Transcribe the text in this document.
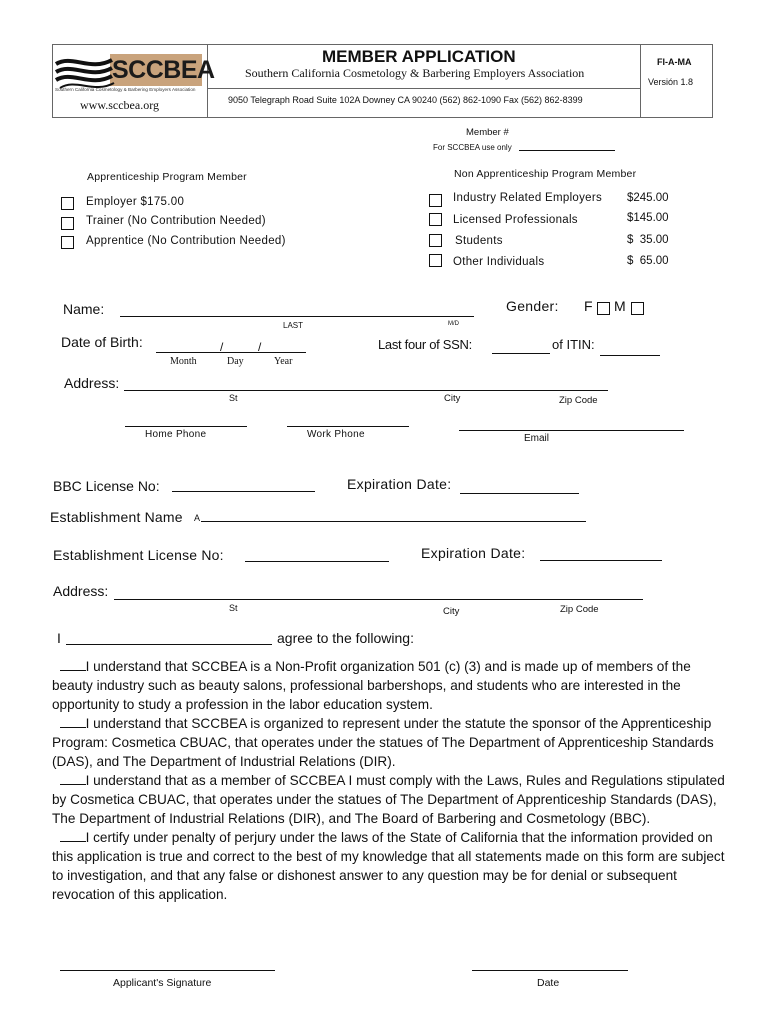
SCCBEA
Southern California Cosmetology & Barbering Employers Association
www.sccbea.org
MEMBER APPLICATION
Southern California Cosmetology & Barbering Employers Association
9050 Telegraph Road Suite 102A Downey CA 90240 (562) 862-1090 Fax (562) 862-8399
FI-A-MA
Versión 1.8
Member #
For SCCBEA use only
Apprenticeship Program Member
Employer $175.00
Trainer (No Contribution Needed)
Apprentice (No Contribution Needed)
Non Apprenticeship Program Member
Industry Related Employers $245.00
Licensed Professionals	$145.00
Students	$  35.00
Other Individuals	$  65.00
Name:
LAST	M/D
Gender: F M
Date of Birth:	/	/
Month	Day	Year
Last four of SSN:	of ITIN:
Address:
St	City	Zip Code
Home Phone	Work Phone	Email
BBC License No:	Expiration Date:
Establishment Name A
Establishment License No:	Expiration Date:
Address:
St	City	Zip Code
I	agree to the following:

I understand that SCCBEA is a Non-Profit organization 501 (c) (3) and is made up of members of the beauty industry such as beauty salons, professional barbershops, and students who are interested in the opportunity to study a profession in the labor education system.

I understand that SCCBEA is organized to represent under the statute the sponsor of the Apprenticeship Program: Cosmetica CBUAC, that operates under the statues of The Department of Apprenticeship Standards (DAS), and The Department of Industrial Relations (DIR).

I understand that as a member of SCCBEA I must comply with the Laws, Rules and Regulations stipulated by Cosmetica CBUAC, that operates under the statues of The Department of Apprenticeship Standards (DAS), The Department of Industrial Relations (DIR), and The Board of Barbering and Cosmetology (BBC).

I certify under penalty of perjury under the laws of the State of California that the information provided on this application is true and correct to the best of my knowledge that all statements made on this form are subject to investigation, and that any false or dishonest answer to any question may be for denial or subsequent revocation of this application.

Applicant's Signature	Date
